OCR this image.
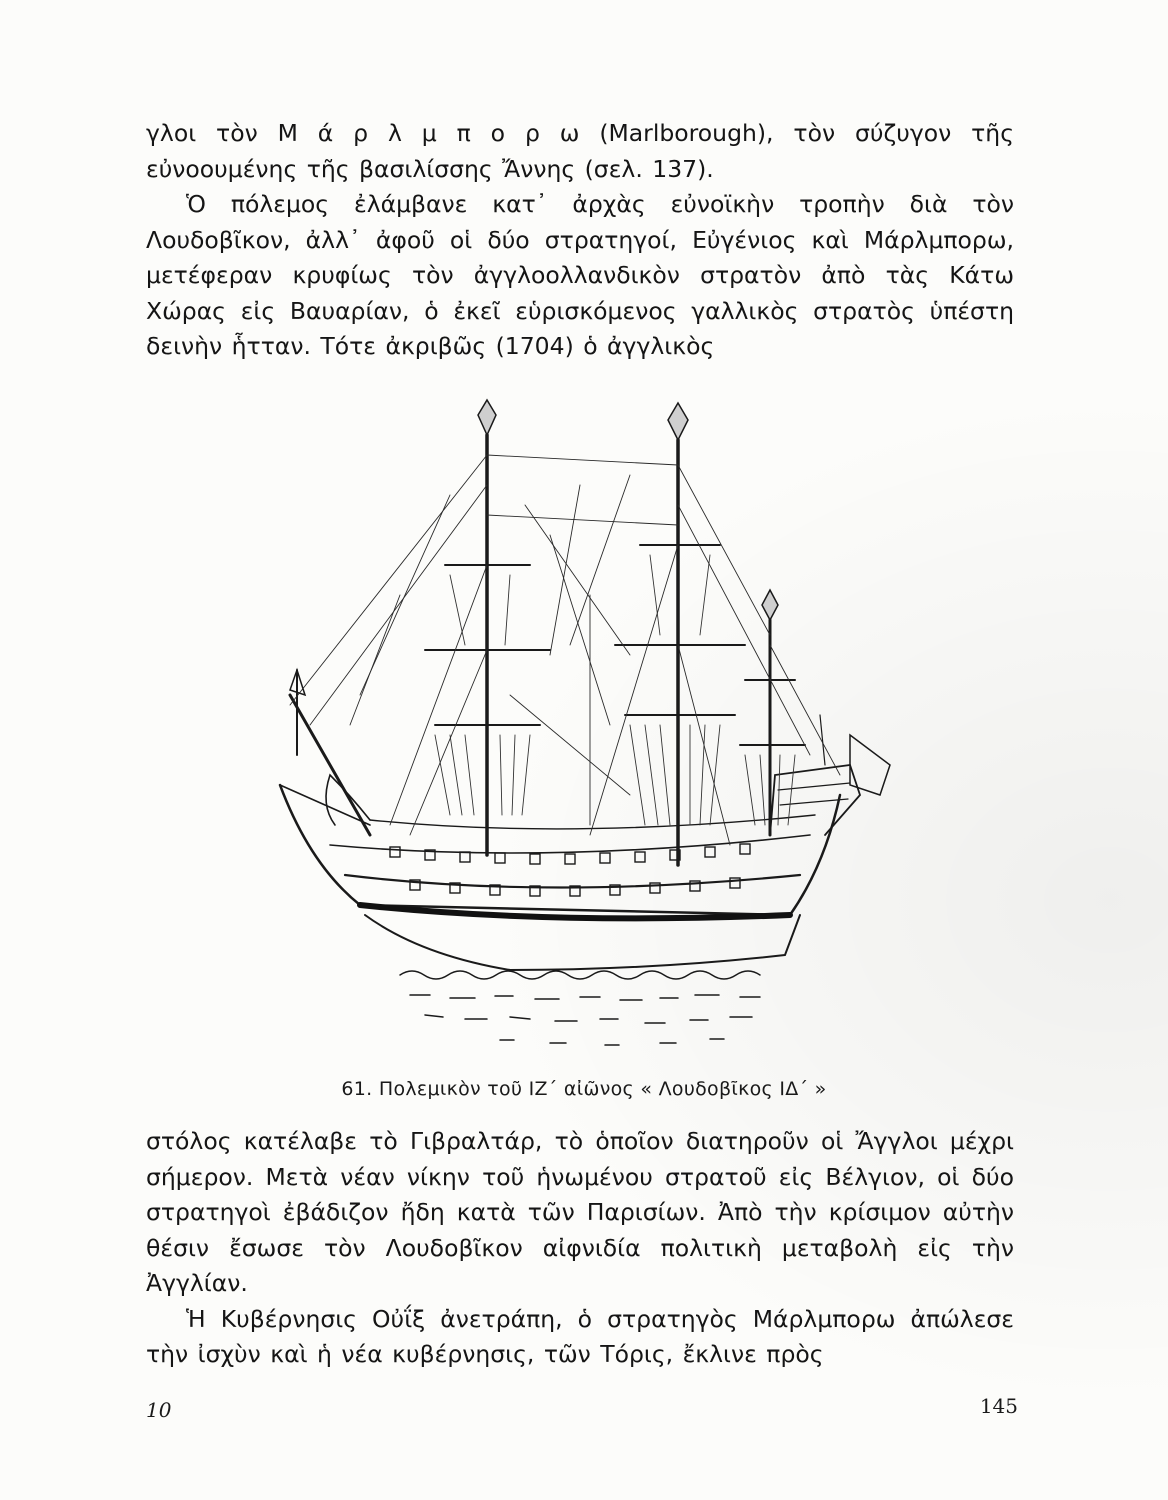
γλοι τὸν Μ ά ρ λ μ π ο ρ ω (Marlborough), τὸν σύζυγον τῆς εὐνοουμένης τῆς βασιλίσσης Ἄννης (σελ. 137).

Ὁ πόλεμος ἐλάμβανε κατ᾽ ἀρχὰς εὐνοϊκὴν τροπὴν διὰ τὸν Λουδοβῖκον, ἀλλ᾽ ἀφοῦ οἱ δύο στρατηγοί, Εὐγένιος καὶ Μάρλμπορω, μετέφεραν κρυφίως τὸν ἀγγλοολλανδικὸν στρατὸν ἀπὸ τὰς Κάτω Χώρας εἰς Βαυαρίαν, ὁ ἐκεῖ εὑρισκόμενος γαλλικὸς στρατὸς ὑπέστη δεινὴν ἧτταν. Τότε ἀκριβῶς (1704) ὁ ἀγγλικὸς

61. Πολεμικὸν τοῦ ΙΖ΄ αἰῶνος « Λουδοβῖκος ΙΔ΄ »

στόλος κατέλαβε τὸ Γιβραλτάρ, τὸ ὁποῖον διατηροῦν οἱ Ἄγγλοι μέχρι σήμερον. Μετὰ νέαν νίκην τοῦ ἡνωμένου στρατοῦ εἰς Βέλγιον, οἱ δύο στρατηγοὶ ἐβάδιζον ἤδη κατὰ τῶν Παρισίων. Ἀπὸ τὴν κρίσιμον αὐτὴν θέσιν ἔσωσε τὸν Λουδοβῖκον αἰφνιδία πολιτικὴ μεταβολὴ εἰς τὴν Ἀγγλίαν.

Ἡ Κυβέρνησις Οὐΐξ ἀνετράπη, ὁ στρατηγὸς Μάρλμπορω ἀπώλεσε τὴν ἰσχὺν καὶ ἡ νέα κυβέρνησις, τῶν Τόρις, ἔκλινε πρὸς

10	145
